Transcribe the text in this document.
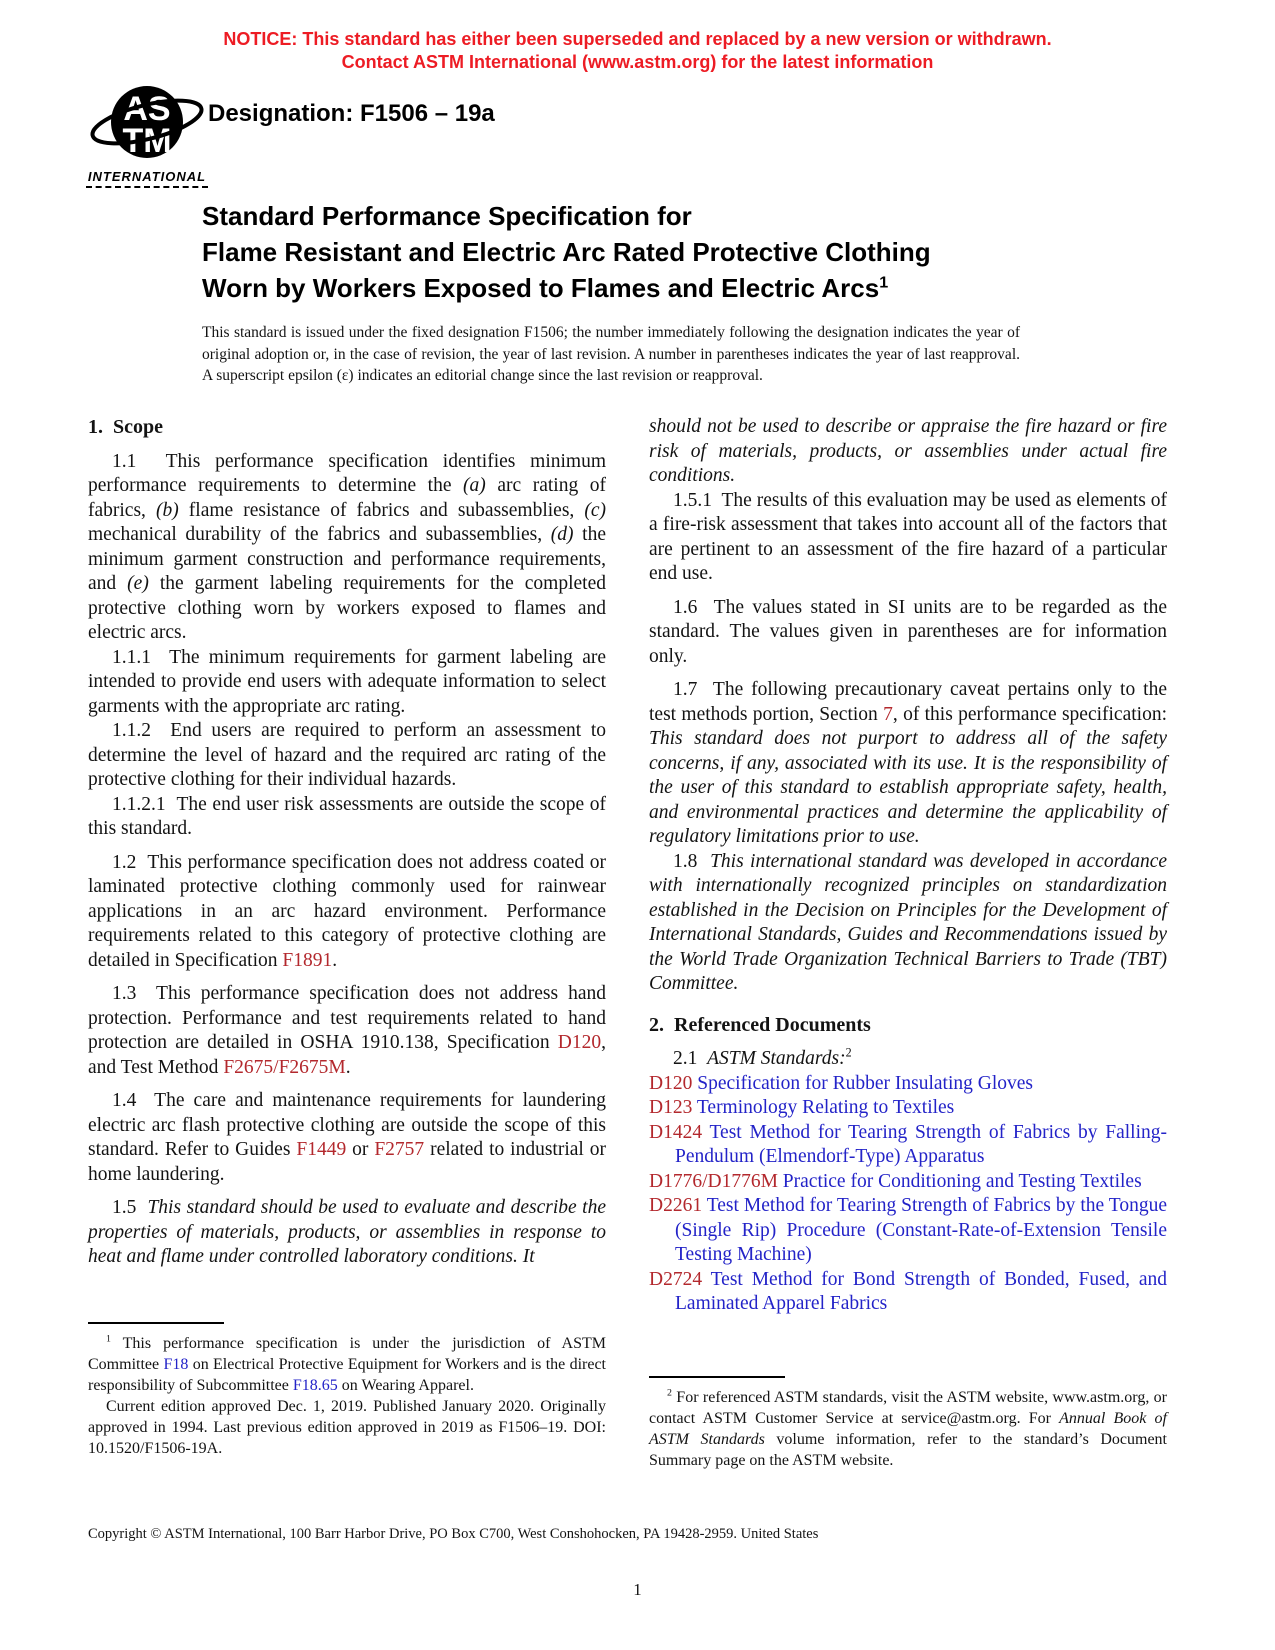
NOTICE: This standard has either been superseded and replaced by a new version or withdrawn.
Contact ASTM International (www.astm.org) for the latest information
AS
TM
INTERNATIONAL
Designation: F1506 – 19a
Standard Performance Specification for
Flame Resistant and Electric Arc Rated Protective Clothing
Worn by Workers Exposed to Flames and Electric Arcs$^1$
This standard is issued under the fixed designation F1506; the number immediately following the designation indicates the year of original adoption or, in the case of revision, the year of last revision. A number in parentheses indicates the year of last reapproval. A superscript epsilon (ε) indicates an editorial change since the last revision or reapproval.
1.  Scope

1.1  This performance specification identifies minimum performance requirements to determine the (a) arc rating of fabrics, (b) flame resistance of fabrics and subassemblies, (c) mechanical durability of the fabrics and subassemblies, (d) the minimum garment construction and performance requirements, and (e) the garment labeling requirements for the completed protective clothing worn by workers exposed to flames and electric arcs.

1.1.1  The minimum requirements for garment labeling are intended to provide end users with adequate information to select garments with the appropriate arc rating.

1.1.2  End users are required to perform an assessment to determine the level of hazard and the required arc rating of the protective clothing for their individual hazards.

1.1.2.1  The end user risk assessments are outside the scope of this standard.

1.2  This performance specification does not address coated or laminated protective clothing commonly used for rainwear applications in an arc hazard environment. Performance requirements related to this category of protective clothing are detailed in Specification F1891.

1.3  This performance specification does not address hand protection. Performance and test requirements related to hand protection are detailed in OSHA 1910.138, Specification D120, and Test Method F2675/F2675M.

1.4  The care and maintenance requirements for laundering electric arc flash protective clothing are outside the scope of this standard. Refer to Guides F1449 or F2757 related to industrial or home laundering.

1.5  This standard should be used to evaluate and describe the properties of materials, products, or assemblies in response to heat and flame under controlled laboratory conditions. It

should not be used to describe or appraise the fire hazard or fire risk of materials, products, or assemblies under actual fire conditions.

1.5.1  The results of this evaluation may be used as elements of a fire-risk assessment that takes into account all of the factors that are pertinent to an assessment of the fire hazard of a particular end use.

1.6  The values stated in SI units are to be regarded as the standard. The values given in parentheses are for information only.

1.7  The following precautionary caveat pertains only to the test methods portion, Section 7, of this performance specification: This standard does not purport to address all of the safety concerns, if any, associated with its use. It is the responsibility of the user of this standard to establish appropriate safety, health, and environmental practices and determine the applicability of regulatory limitations prior to use.

1.8  This international standard was developed in accordance with internationally recognized principles on standardization established in the Decision on Principles for the Development of International Standards, Guides and Recommendations issued by the World Trade Organization Technical Barriers to Trade (TBT) Committee.

2.  Referenced Documents

2.1  ASTM Standards:$^2$

D120 Specification for Rubber Insulating Gloves

D123 Terminology Relating to Textiles

D1424 Test Method for Tearing Strength of Fabrics by Falling-Pendulum (Elmendorf-Type) Apparatus

D1776/D1776M Practice for Conditioning and Testing Textiles

D2261 Test Method for Tearing Strength of Fabrics by the Tongue (Single Rip) Procedure (Constant-Rate-of-Extension Tensile Testing Machine)

D2724 Test Method for Bond Strength of Bonded, Fused, and Laminated Apparel Fabrics

$^1$ This performance specification is under the jurisdiction of ASTM Committee F18 on Electrical Protective Equipment for Workers and is the direct responsibility of Subcommittee F18.65 on Wearing Apparel.

Current edition approved Dec. 1, 2019. Published January 2020. Originally approved in 1994. Last previous edition approved in 2019 as F1506–19. DOI: 10.1520/F1506-19A.

$^2$ For referenced ASTM standards, visit the ASTM website, www.astm.org, or contact ASTM Customer Service at service@astm.org. For Annual Book of ASTM Standards volume information, refer to the standard’s Document Summary page on the ASTM website.

Copyright © ASTM International, 100 Barr Harbor Drive, PO Box C700, West Conshohocken, PA 19428-2959. United States
1
